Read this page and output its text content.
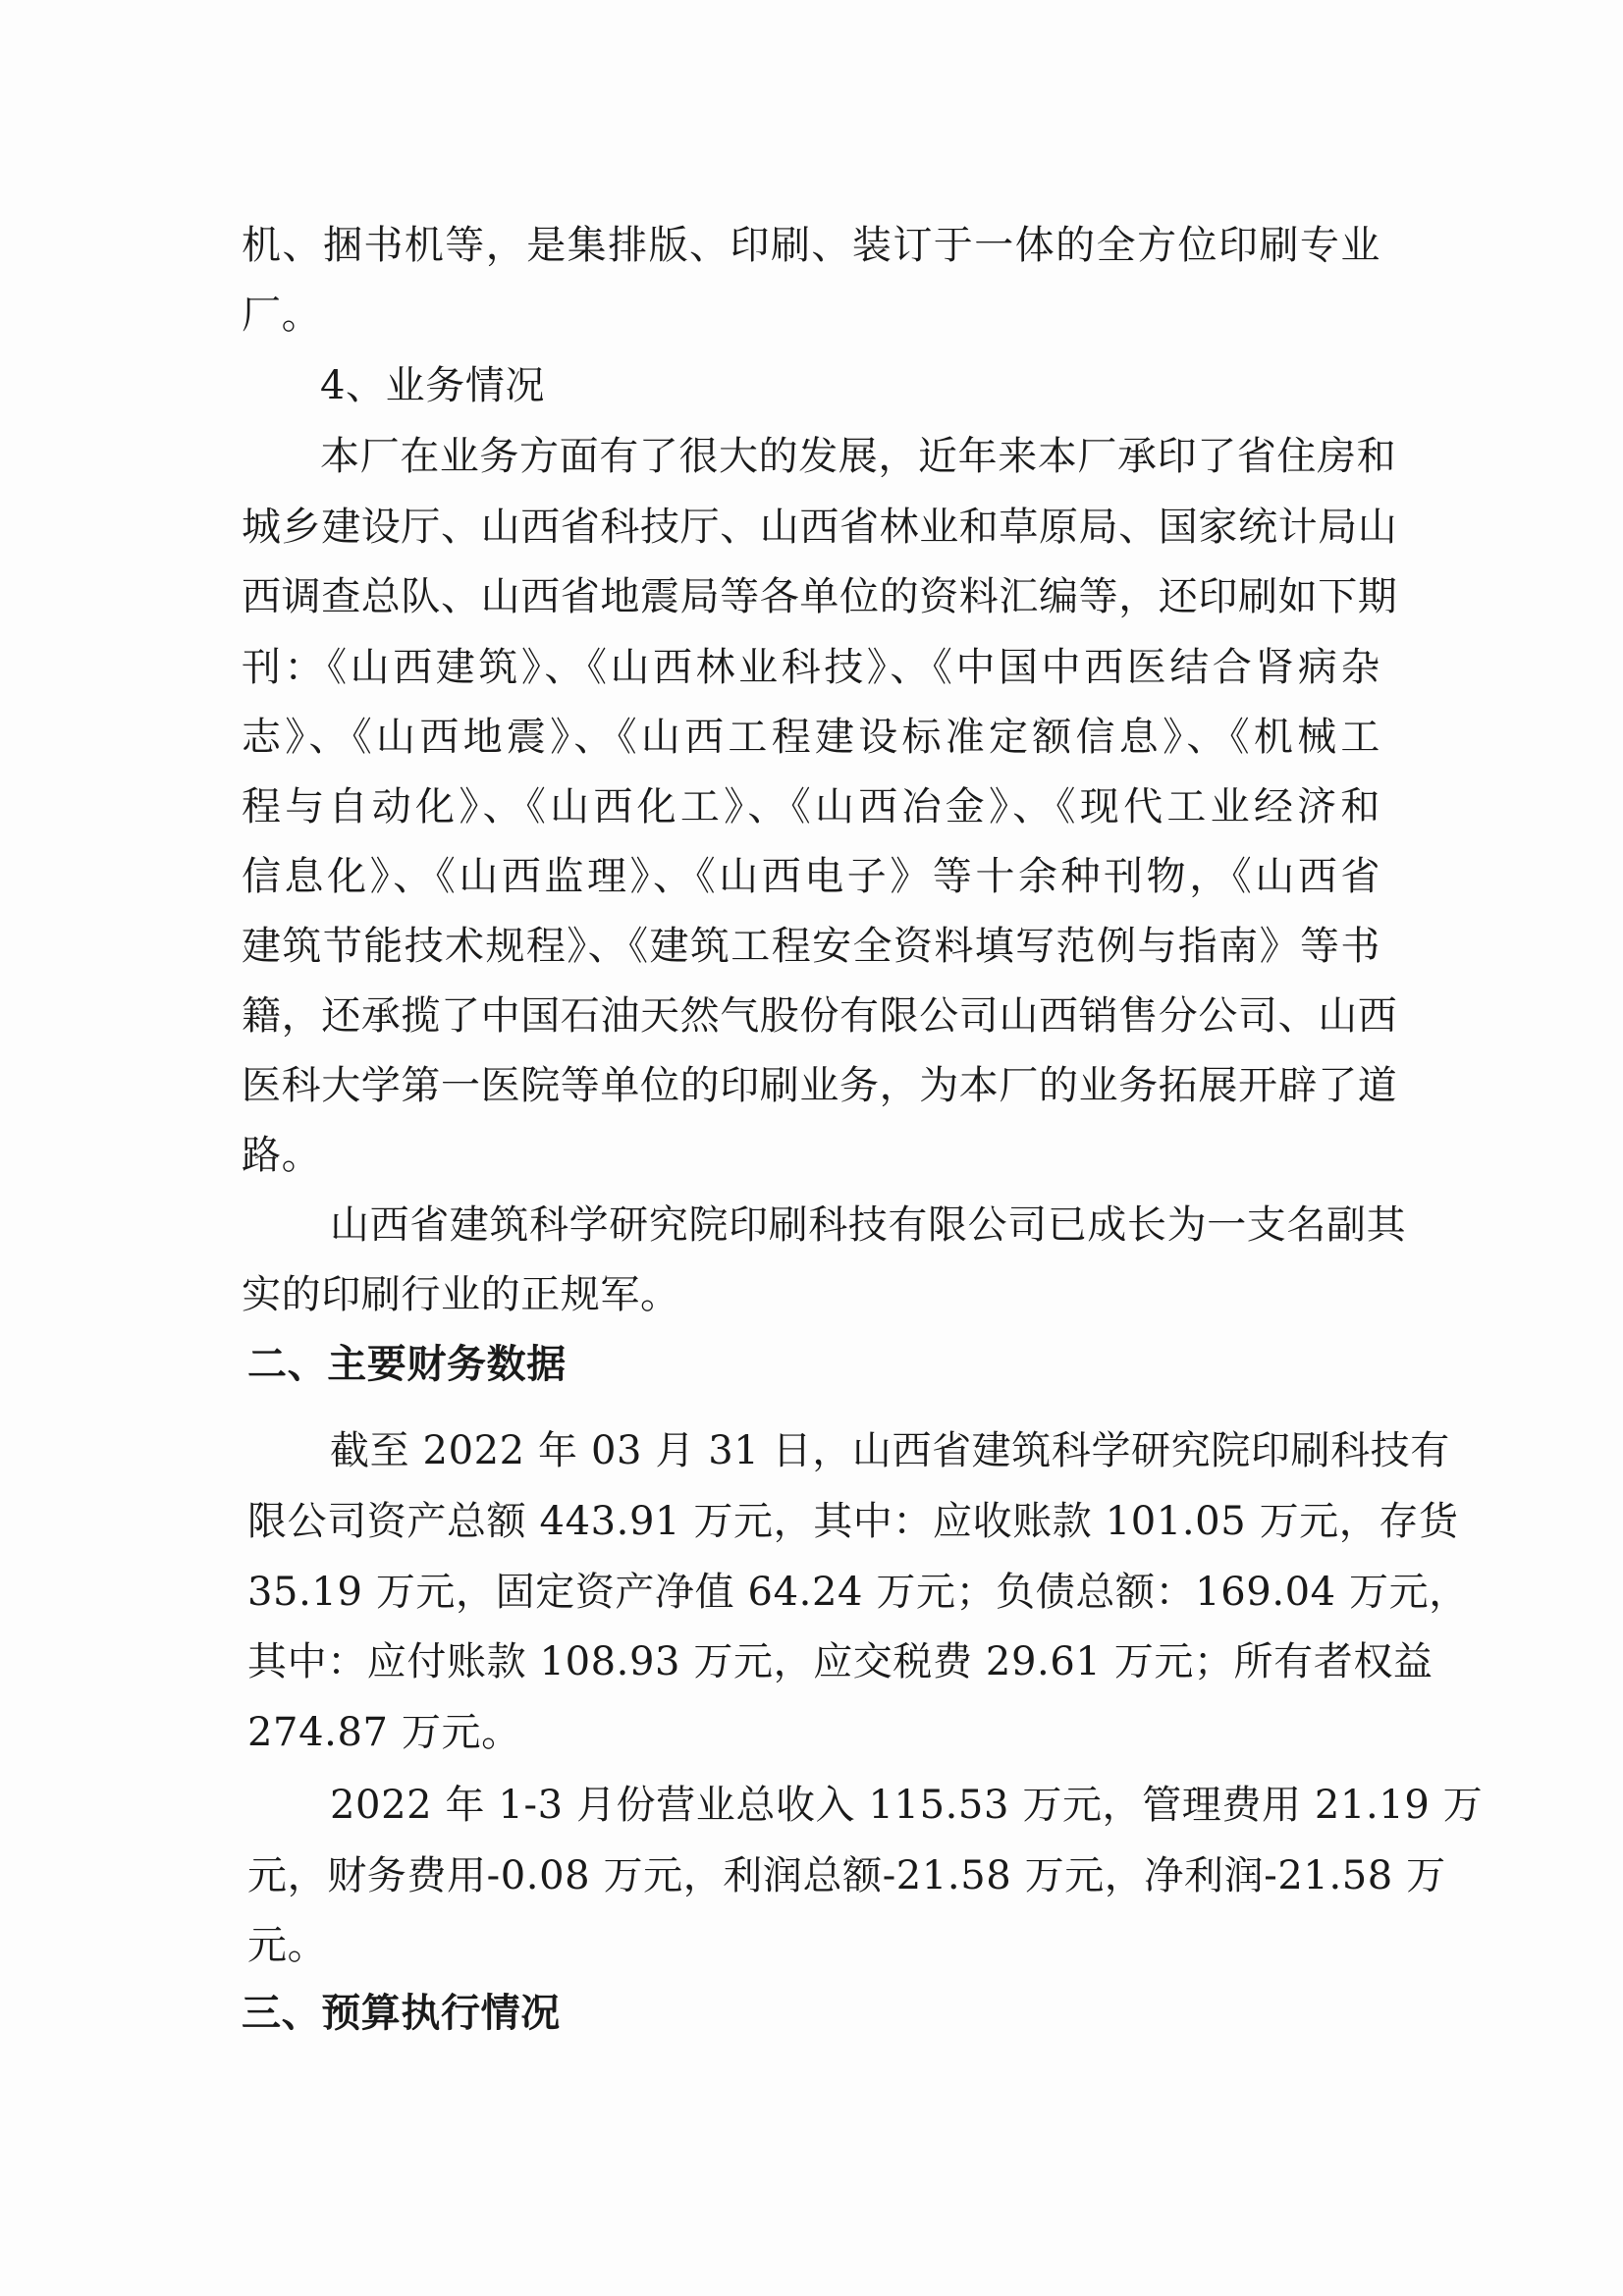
机、捆书机等，是集排版、印刷、装订于一体的全方位印刷专业
厂。
4、业务情况
本厂在业务方面有了很大的发展，近年来本厂承印了省住房和
城乡建设厅、山西省科技厅、山西省林业和草原局、国家统计局山
西调查总队、山西省地震局等各单位的资料汇编等，还印刷如下期
刊：《山西建筑》、《山西林业科技》、《中国中西医结合肾病杂
志》、《山西地震》、《山西工程建设标准定额信息》、《机械工
程与自动化》、《山西化工》、《山西冶金》、《现代工业经济和
信息化》、《山西监理》、《山西电子》等十余种刊物，《山西省
建筑节能技术规程》、《建筑工程安全资料填写范例与指南》等书
籍，还承揽了中国石油天然气股份有限公司山西销售分公司、山西
医科大学第一医院等单位的印刷业务，为本厂的业务拓展开辟了道
路。
山西省建筑科学研究院印刷科技有限公司已成长为一支名副其
实的印刷行业的正规军。
二、主要财务数据
截至 2022 年 03 月 31 日，山西省建筑科学研究院印刷科技有
限公司资产总额 443.91 万元，其中：应收账款 101.05 万元，存货
35.19 万元，固定资产净值 64.24 万元；负债总额：169.04 万元，
其中：应付账款 108.93 万元，应交税费 29.61 万元；所有者权益
274.87 万元。
2022 年 1-3 月份营业总收入 115.53 万元，管理费用 21.19 万
元，财务费用-0.08 万元，利润总额-21.58 万元，净利润-21.58 万
元。
三、预算执行情况
